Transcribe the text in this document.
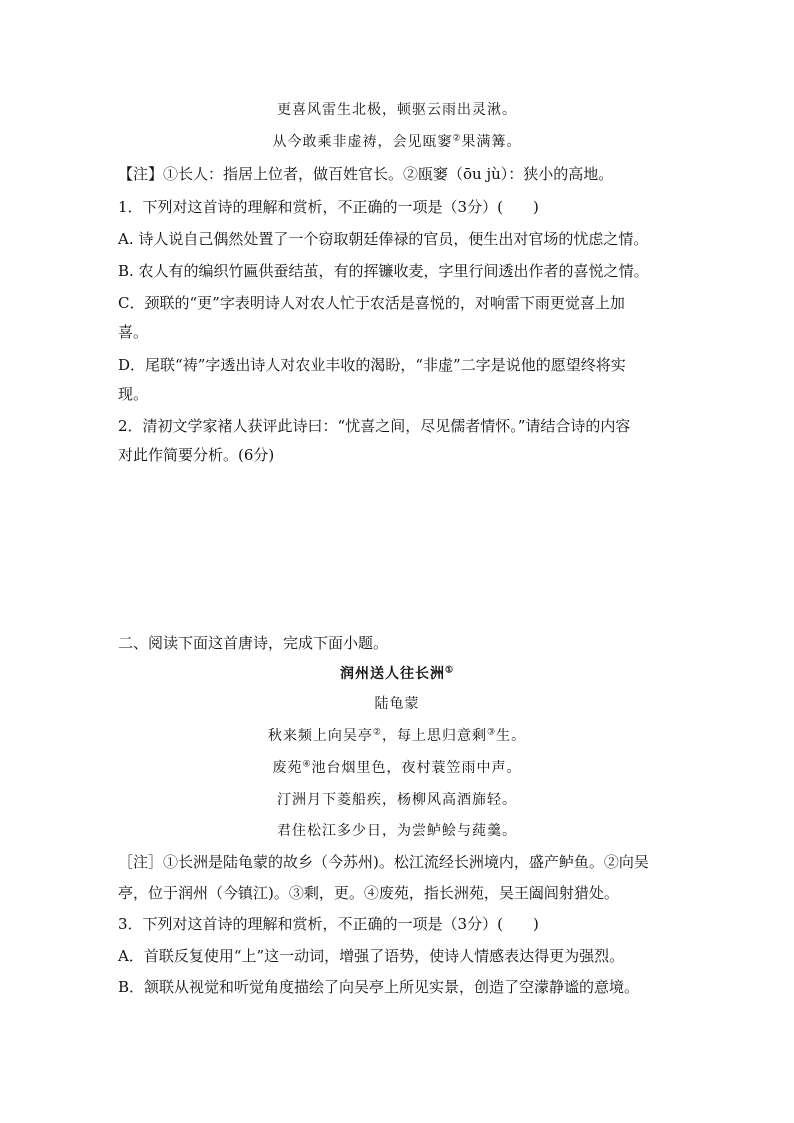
更喜风雷生北极，顿驱云雨出灵湫。
从今敢乘非虚祷，会见瓯窭②果满篝。
【注】①长人：指居上位者，做百姓官长。②瓯窭（ōu jù）：狭小的高地。
1．下列对这首诗的理解和赏析，不正确的一项是（3分）(　　)
A. 诗人说自己偶然处置了一个窃取朝廷俸禄的官员，便生出对官场的忧虑之情。
B. 农人有的编织竹匾供蚕结茧，有的挥镰收麦，字里行间透出作者的喜悦之情。
C．颈联的“更”字表明诗人对农人忙于农活是喜悦的，对响雷下雨更觉喜上加
喜。
D．尾联“祷”字透出诗人对农业丰收的渴盼，“非虚”二字是说他的愿望终将实
现。
2．清初文学家褚人获评此诗曰：“忧喜之间，尽见儒者情怀。”请结合诗的内容
对此作简要分析。(6分)
二、阅读下面这首唐诗，完成下面小题。
润州送人往长洲①
陆龟蒙
秋来频上向吴亭②，每上思归意剩③生。
废苑④池台烟里色，夜村蓑笠雨中声。
汀洲月下菱船疾，杨柳风高酒旆轻。
君住松江多少日，为尝鲈鲙与莼羹。
［注］①长洲是陆龟蒙的故乡（今苏州)。松江流经长洲境内，盛产鲈鱼。②向吴
亭，位于润州（今镇江)。③剩，更。④废苑，指长洲苑，吴王阖闾射猎处。
3．下列对这首诗的理解和赏析，不正确的一项是（3分）(　　)
A．首联反复使用“上”这一动词，增强了语势，使诗人情感表达得更为强烈。
B．颔联从视觉和听觉角度描绘了向吴亭上所见实景，创造了空濛静谧的意境。
